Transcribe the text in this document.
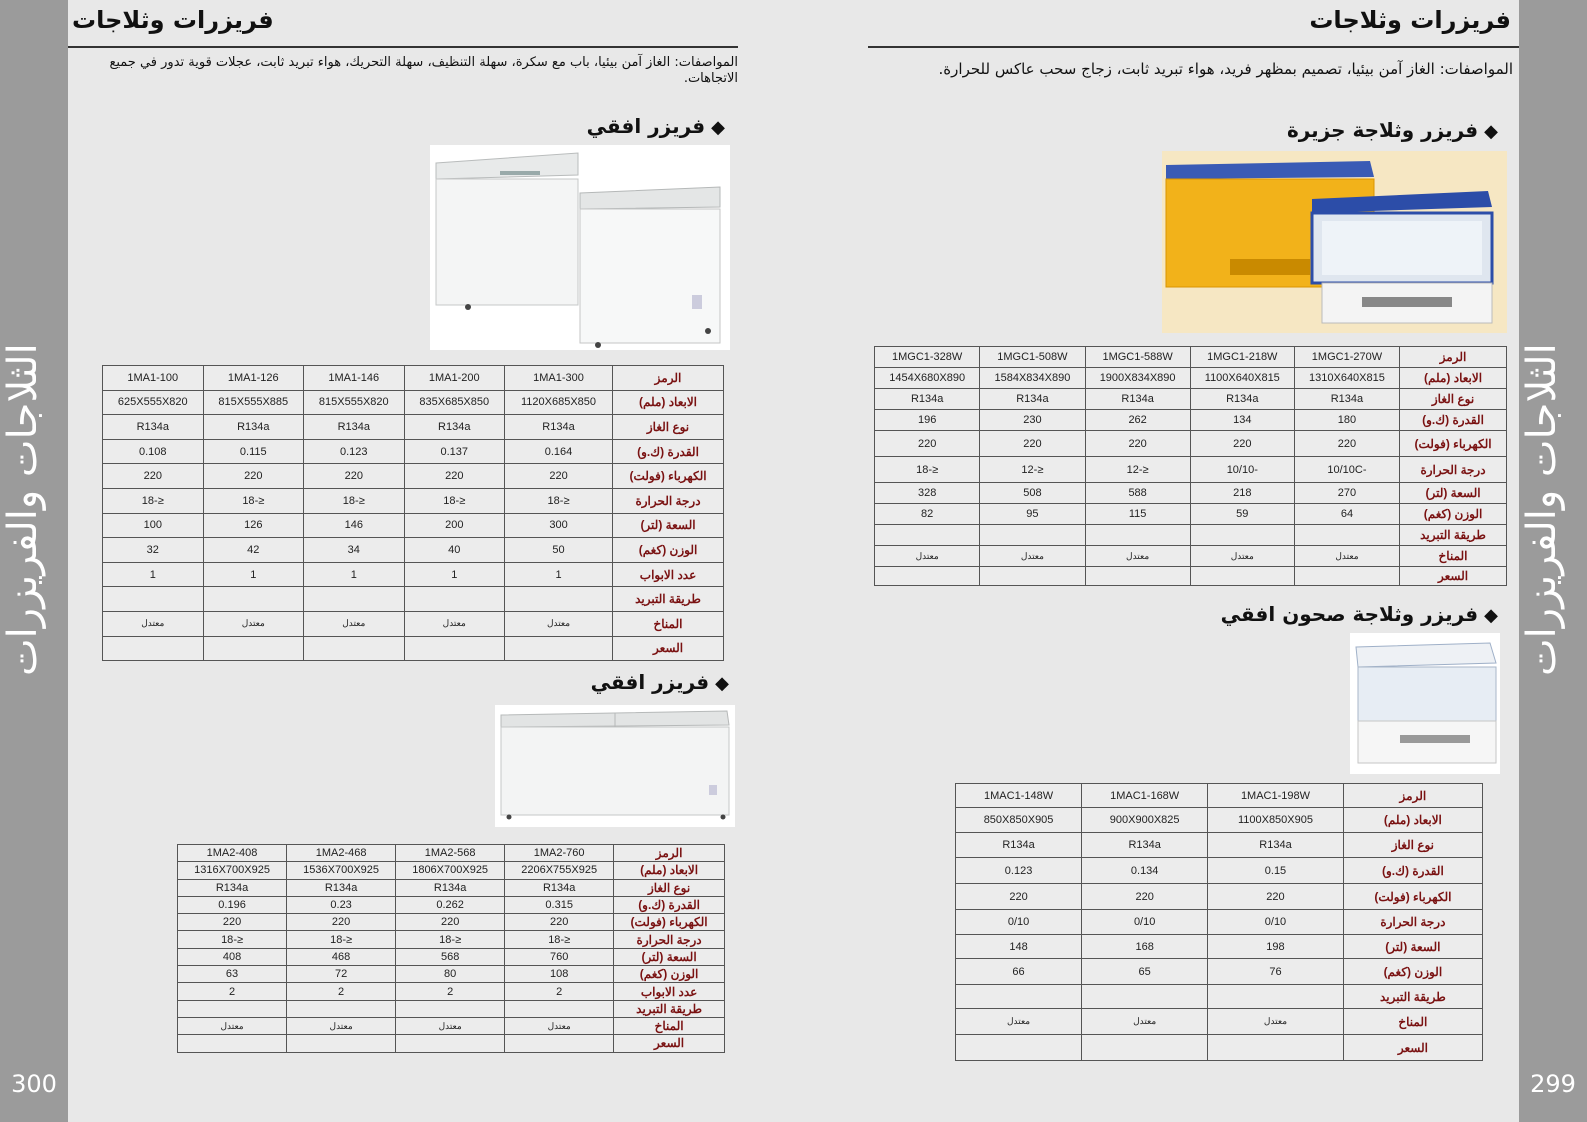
الثلاجات والفريزرات
300
الثلاجات والفريزرات
299
فريزرات وثلاجات	فريزرات وثلاجات
المواصفات: الغاز آمن بيئيا، باب مع سكرة، سهلة التنظيف، سهلة التحريك، هواء تبريد ثابت، عجلات قوية تدور في جميع الاتجاهات.
المواصفات: الغاز آمن بيئيا، تصميم بمظهر فريد، هواء تبريد ثابت، زجاج سحب عاكس للحرارة.
◆فريزر افقي
الرمز	1MA1-300	1MA1-200	1MA1-146	1MA1-126	1MA1-100
الابعاد (ملم)	1120X685X850	835X685X850	815X555X820	815X555X885	625X555X820
نوع الغاز	R134a	R134a	R134a	R134a	R134a
القدرة (ك.و)	0.164	0.137	0.123	0.115	0.108
الكهرباء (فولت)	220	220	220	220	220
درجة الحرارة	≤-18	≤-18	≤-18	≤-18	≤-18
السعة (لتر)	300	200	146	126	100
الوزن (كغم)	50	40	34	42	32
عدد الابواب	1	1	1	1	1
طريقة التبريد					
المناخ	معتدل	معتدل	معتدل	معتدل	معتدل
السعر					
◆فريزر افقي
الرمز	1MA2-760	1MA2-568	1MA2-468	1MA2-408
الابعاد (ملم)	2206X755X925	1806X700X925	1536X700X925	1316X700X925
نوع الغاز	R134a	R134a	R134a	R134a
القدرة (ك.و)	0.315	0.262	0.23	0.196
الكهرباء (فولت)	220	220	220	220
درجة الحرارة	≤-18	≤-18	≤-18	≤-18
السعة (لتر)	760	568	468	408
الوزن (كغم)	108	80	72	63
عدد الابواب	2	2	2	2
طريقة التبريد				
المناخ	معتدل	معتدل	معتدل	معتدل
السعر				
◆فريزر وثلاجة جزيرة
الرمز	1MGC1-270W	1MGC1-218W	1MGC1-588W	1MGC1-508W	1MGC1-328W
الابعاد (ملم)	1310X640X815	1100X640X815	1900X834X890	1584X834X890	1454X680X890
نوع الغاز	R134a	R134a	R134a	R134a	R134a
القدرة (ك.و)	180	134	262	230	196
الكهرباء (فولت)	220	220	220	220	220
درجة الحرارة	-10/10C	-10/10	≤-12	≤-12	≤-18
السعة (لتر)	270	218	588	508	328
الوزن (كغم)	64	59	115	95	82
طريقة التبريد					
المناخ	معتدل	معتدل	معتدل	معتدل	معتدل
السعر					
◆فريزر وثلاجة صحون افقي
الرمز	1MAC1-198W	1MAC1-168W	1MAC1-148W
الابعاد (ملم)	1100X850X905	900X900X825	850X850X905
نوع الغاز	R134a	R134a	R134a
القدرة (ك.و)	0.15	0.134	0.123
الكهرباء (فولت)	220	220	220
درجة الحرارة	0/10	0/10	0/10
السعة (لتر)	198	168	148
الوزن (كغم)	76	65	66
طريقة التبريد			
المناخ	معتدل	معتدل	معتدل
السعر			
